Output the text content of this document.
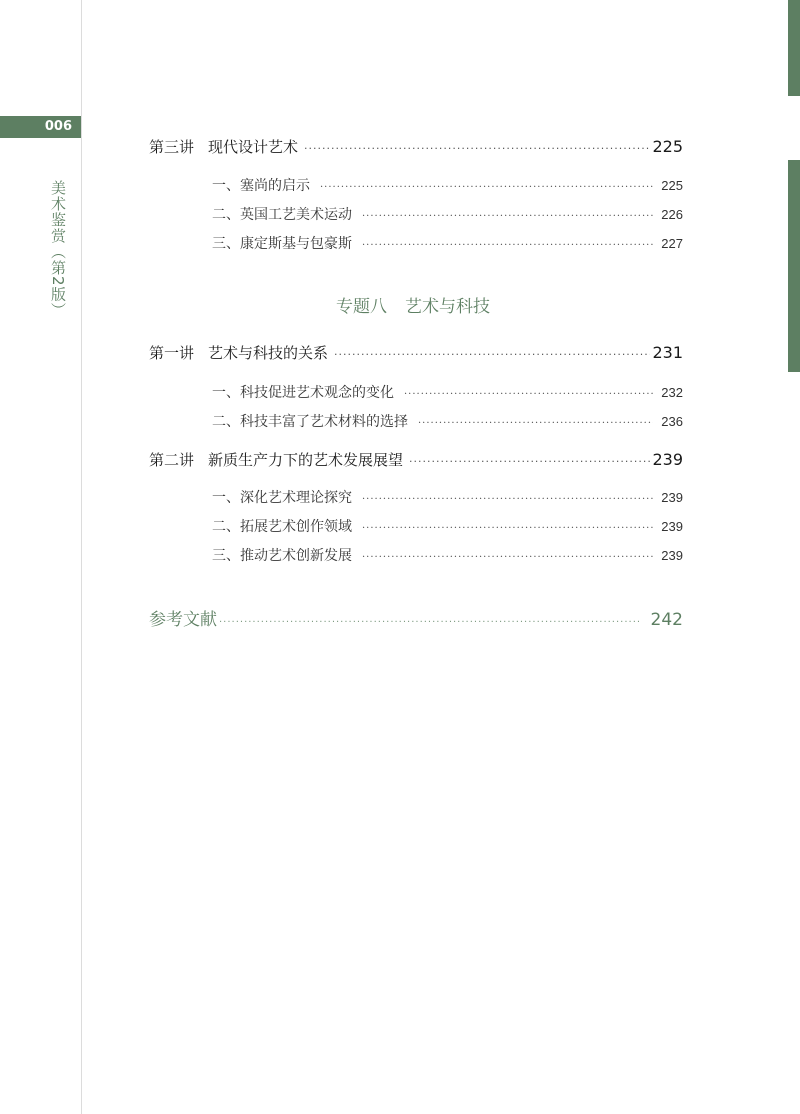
006
美术鉴赏（第2版）
第三讲 现代设计艺术 ·····	225
一、塞尚的启示 ·····	225
二、英国工艺美术运动 ·····	226
三、康定斯基与包豪斯 ·····	227
第一讲 艺术与科技的关系 ·····	231
一、科技促进艺术观念的变化 ·····	232
二、科技丰富了艺术材料的选择 ·····	236
第二讲 新质生产力下的艺术发展展望 ·····	239
一、深化艺术理论探究 ·····	239
二、拓展艺术创作领域 ·····	239
三、推动艺术创新发展 ·····	239
参考文献 ·····	242
专题八 艺术与科技
